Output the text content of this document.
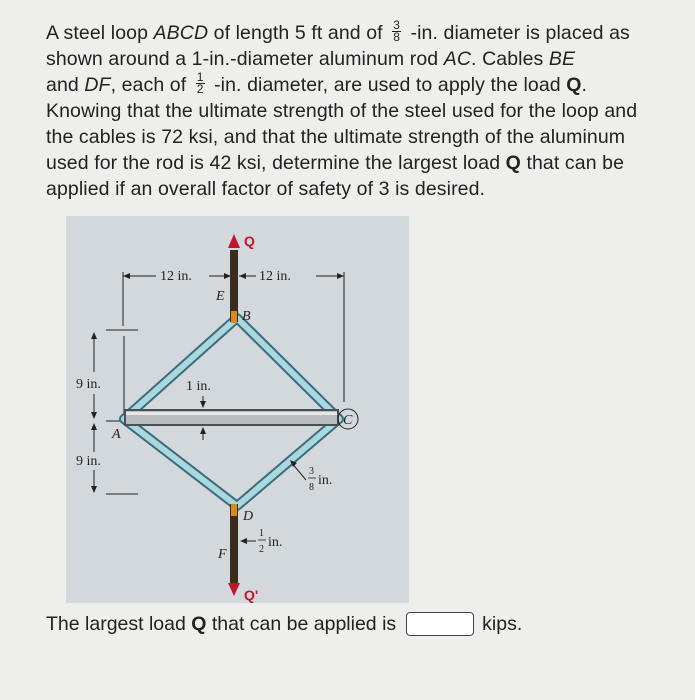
A steel loop ABCD of length 5 ft and of $\frac{3}{8} -in$. diameter is placed as shown around a 1-in.-diameter aluminum rod AC. Cables BE
and DF, each of $\frac{1}{2} -in$. diameter, are used to apply the load Q. Knowing that the ultimate strength of the steel used for the loop and the cables is 72 ksi, and that the ultimate strength of the aluminum used for the rod is 42 ksi, determine the largest load Q that can be applied if an overall factor of safety of 3 is desired.
Q
Q'
E
B
A
C
D
F
12 in.	12 in.
9 in.
9 in.
1 in.
3
8 in.
1
2 in.
The largest load Q that can be applied is	kips.
